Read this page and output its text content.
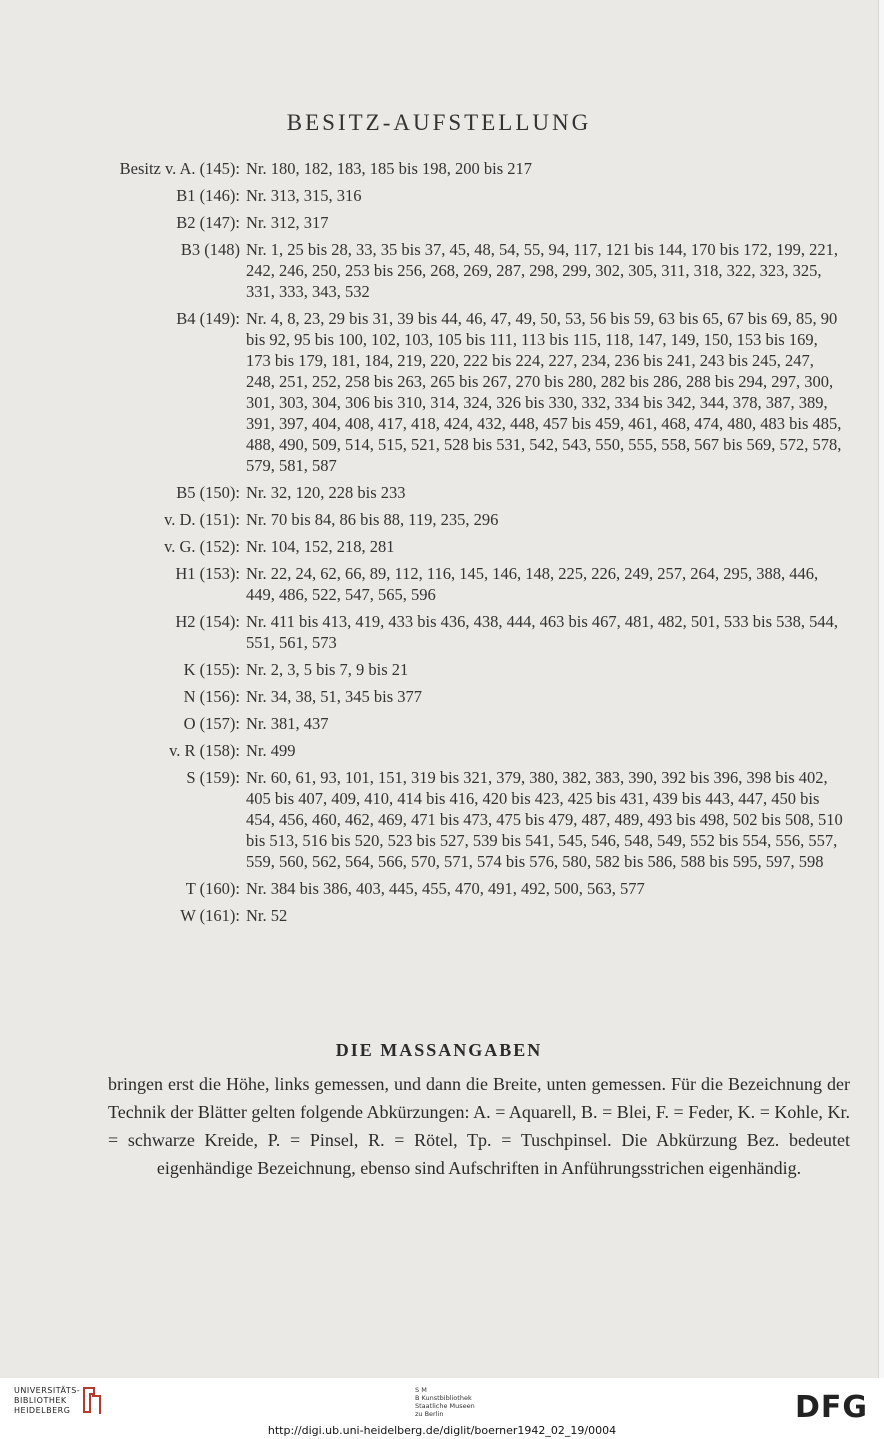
BESITZ-AUFSTELLUNG
Besitz v. A. (145): Nr. 180, 182, 183, 185 bis 198, 200 bis 217
B1 (146): Nr. 313, 315, 316
B2 (147): Nr. 312, 317
B3 (148) Nr. 1, 25 bis 28, 33, 35 bis 37, 45, 48, 54, 55, 94, 117, 121 bis 144, 170 bis 172, 199, 221, 242, 246, 250, 253 bis 256, 268, 269, 287, 298, 299, 302, 305, 311, 318, 322, 323, 325, 331, 333, 343, 532
B4 (149): Nr. 4, 8, 23, 29 bis 31, 39 bis 44, 46, 47, 49, 50, 53, 56 bis 59, 63 bis 65, 67 bis 69, 85, 90 bis 92, 95 bis 100, 102, 103, 105 bis 111, 113 bis 115, 118, 147, 149, 150, 153 bis 169, 173 bis 179, 181, 184, 219, 220, 222 bis 224, 227, 234, 236 bis 241, 243 bis 245, 247, 248, 251, 252, 258 bis 263, 265 bis 267, 270 bis 280, 282 bis 286, 288 bis 294, 297, 300, 301, 303, 304, 306 bis 310, 314, 324, 326 bis 330, 332, 334 bis 342, 344, 378, 387, 389, 391, 397, 404, 408, 417, 418, 424, 432, 448, 457 bis 459, 461, 468, 474, 480, 483 bis 485, 488, 490, 509, 514, 515, 521, 528 bis 531, 542, 543, 550, 555, 558, 567 bis 569, 572, 578, 579, 581, 587
B5 (150): Nr. 32, 120, 228 bis 233
v. D. (151): Nr. 70 bis 84, 86 bis 88, 119, 235, 296
v. G. (152): Nr. 104, 152, 218, 281
H1 (153): Nr. 22, 24, 62, 66, 89, 112, 116, 145, 146, 148, 225, 226, 249, 257, 264, 295, 388, 446, 449, 486, 522, 547, 565, 596
H2 (154): Nr. 411 bis 413, 419, 433 bis 436, 438, 444, 463 bis 467, 481, 482, 501, 533 bis 538, 544, 551, 561, 573
K (155): Nr. 2, 3, 5 bis 7, 9 bis 21
N (156): Nr. 34, 38, 51, 345 bis 377
O (157): Nr. 381, 437
v. R (158): Nr. 499
S (159): Nr. 60, 61, 93, 101, 151, 319 bis 321, 379, 380, 382, 383, 390, 392 bis 396, 398 bis 402, 405 bis 407, 409, 410, 414 bis 416, 420 bis 423, 425 bis 431, 439 bis 443, 447, 450 bis 454, 456, 460, 462, 469, 471 bis 473, 475 bis 479, 487, 489, 493 bis 498, 502 bis 508, 510 bis 513, 516 bis 520, 523 bis 527, 539 bis 541, 545, 546, 548, 549, 552 bis 554, 556, 557, 559, 560, 562, 564, 566, 570, 571, 574 bis 576, 580, 582 bis 586, 588 bis 595, 597, 598
T (160): Nr. 384 bis 386, 403, 445, 455, 470, 491, 492, 500, 563, 577
W (161): Nr. 52
DIE MASSANGABEN
bringen erst die Höhe, links gemessen, und dann die Breite, unten gemessen. Für die Bezeichnung der Technik der Blätter gelten folgende Abkürzungen: A. = Aquarell, B. = Blei, F. = Feder, K. = Kohle, Kr. = schwarze Kreide, P. = Pinsel, R. = Rötel, Tp. = Tuschpinsel. Die Abkürzung Bez. bedeutet eigenhändige Bezeichnung, ebenso sind Aufschriften in Anführungsstrichen eigenhändig.
UNIVERSITÄTS-
BIBLIOTHEK
HEIDELBERG
S M
B Kunstbibliothek
Staatliche Museen
zu Berlin	DFG
http://digi.ub.uni-heidelberg.de/diglit/boerner1942_02_19/0004
